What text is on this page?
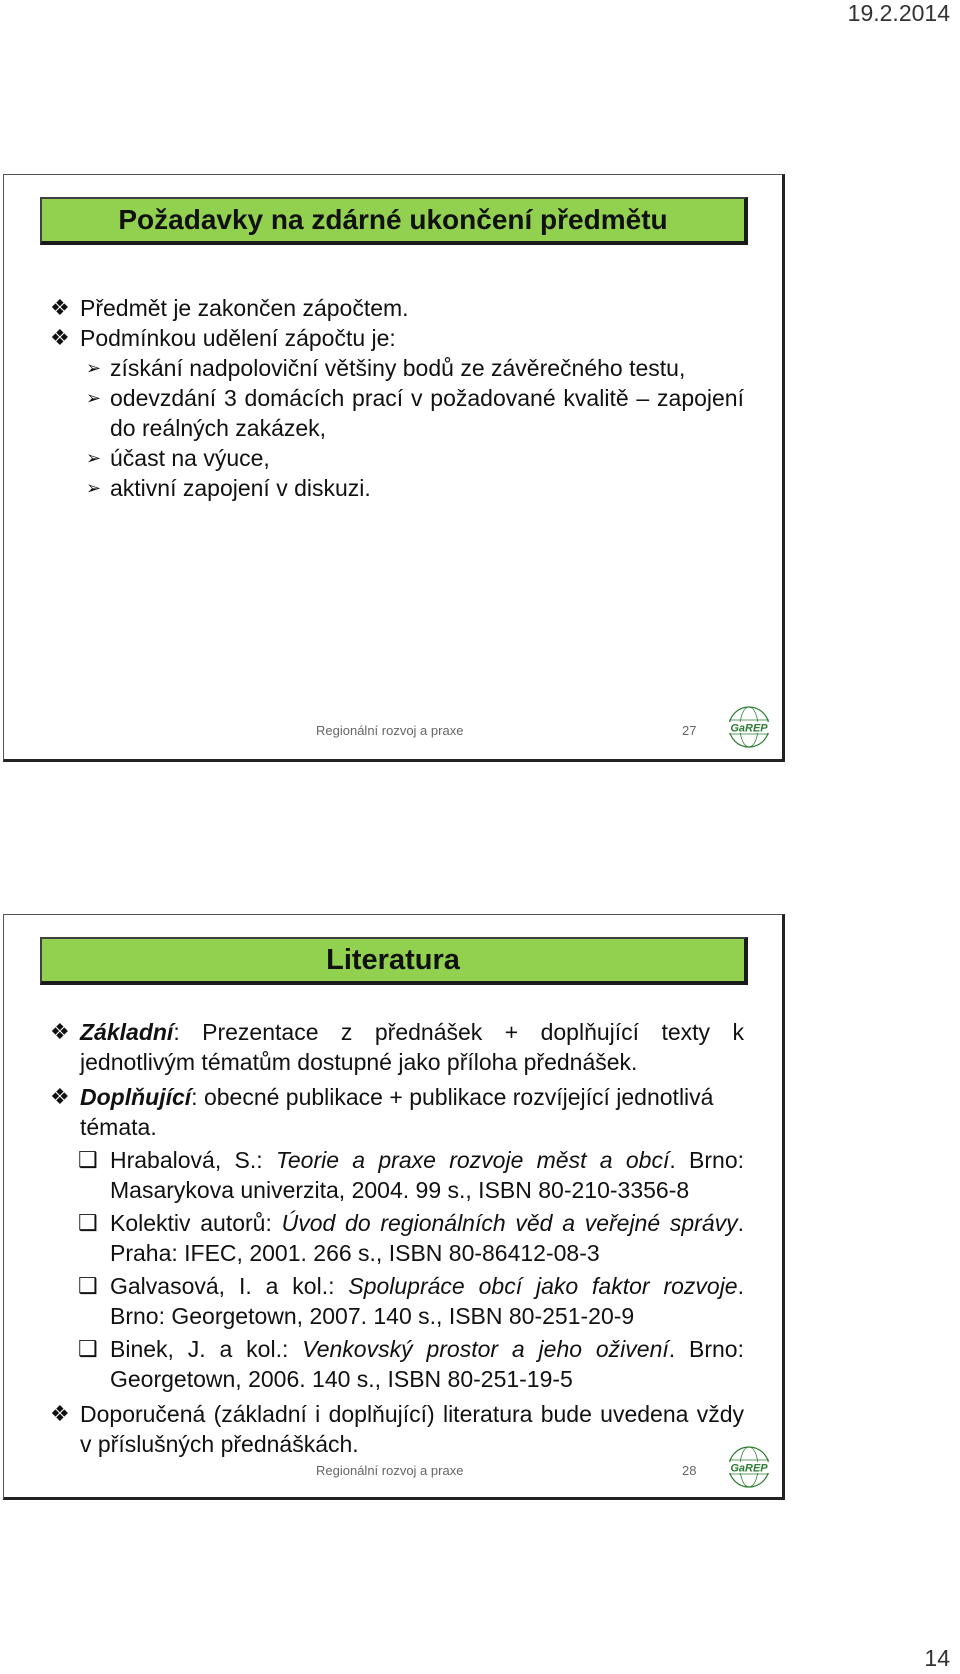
19.2.2014
Požadavky na zdárné ukončení předmětu
❖ Předmět je zakončen zápočtem.
❖ Podmínkou udělení zápočtu je:
➢ získání nadpoloviční většiny bodů ze závěrečného testu,
➢ odevzdání 3 domácích prací v požadované kvalitě – zapojení do reálných zakázek,
➢ účast na výuce,
➢ aktivní zapojení v diskuzi.
Regionální rozvoj a praxe	27	GaREP
Literatura
❖ Základní: Prezentace z přednášek + doplňující texty k jednotlivým tématům dostupné jako příloha přednášek.
❖ Doplňující: obecné publikace + publikace rozvíjející jednotlivá témata.
❑ Hrabalová, S.: Teorie a praxe rozvoje měst a obcí. Brno: Masarykova univerzita, 2004. 99 s., ISBN 80-210-3356-8
❑ Kolektiv autorů: Úvod do regionálních věd a veřejné správy. Praha: IFEC, 2001. 266 s., ISBN 80-86412-08-3
❑ Galvasová, I. a kol.: Spolupráce obcí jako faktor rozvoje. Brno: Georgetown, 2007. 140 s., ISBN 80-251-20-9
❑ Binek, J. a kol.: Venkovský prostor a jeho oživení. Brno: Georgetown, 2006. 140 s., ISBN 80-251-19-5
❖ Doporučená (základní i doplňující) literatura bude uvedena vždy v příslušných přednáškách.
Regionální rozvoj a praxe	28	GaREP
14
